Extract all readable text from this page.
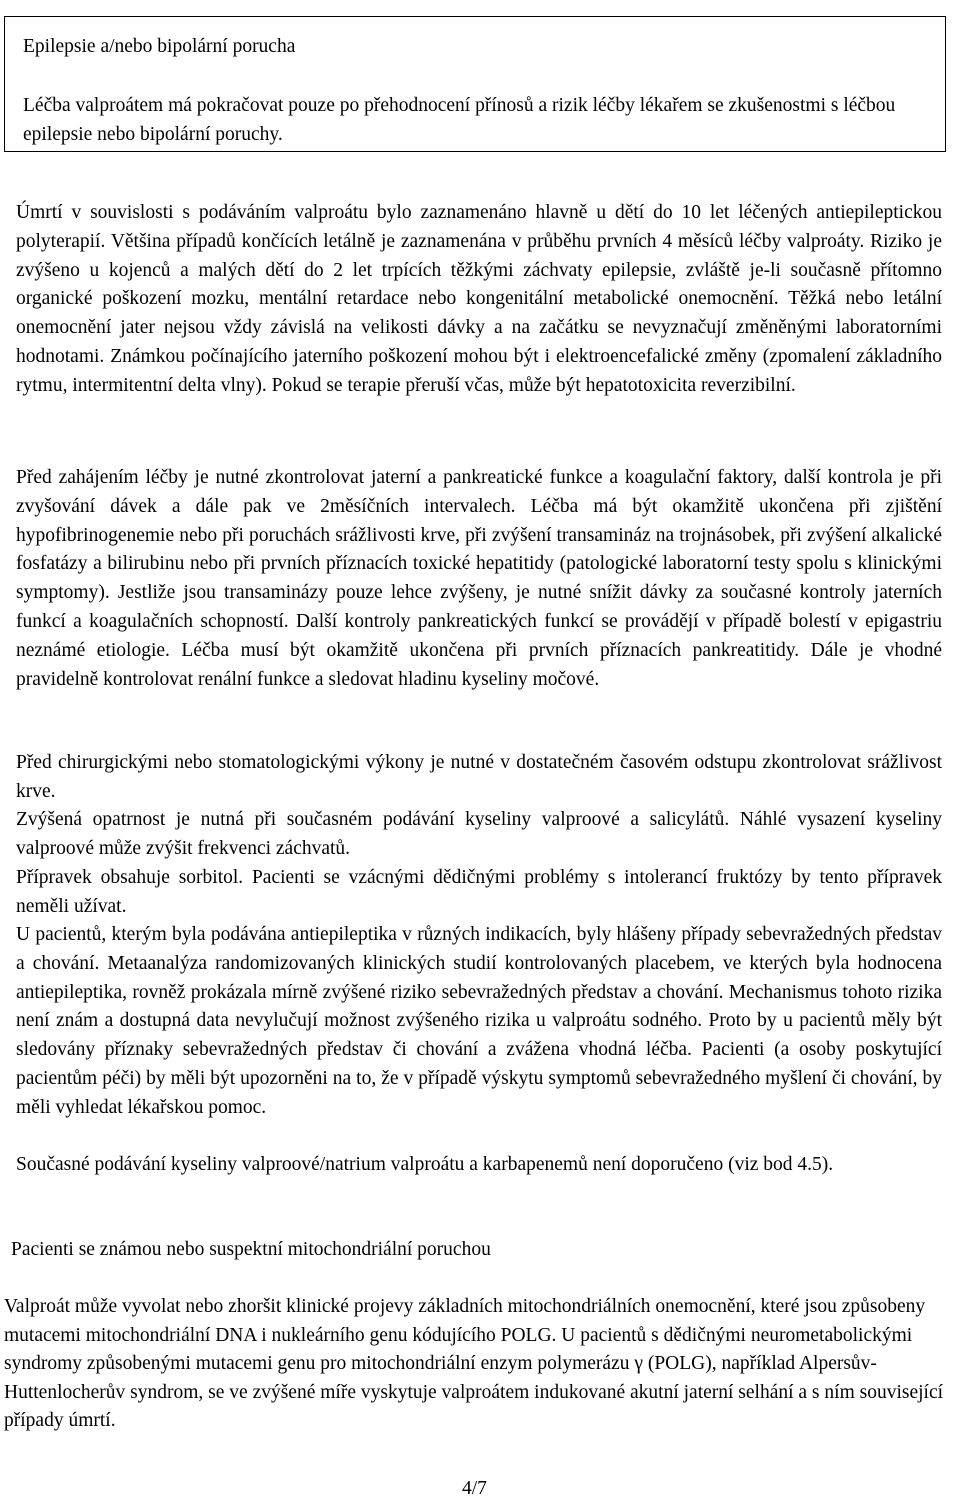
Epilepsie a/nebo bipolární porucha
Léčba valproátem má pokračovat pouze po přehodnocení přínosů a rizik léčby lékařem se zkušenostmi s léčbou epilepsie nebo bipolární poruchy.
Úmrtí v souvislosti s podáváním valproátu bylo zaznamenáno hlavně u dětí do 10 let léčených antiepileptickou polyterapií. Většina případů končících letálně je zaznamenána v průběhu prvních 4 měsíců léčby valproáty. Riziko je zvýšeno u kojenců a malých dětí do 2 let trpících těžkými záchvaty epilepsie, zvláště je-li současně přítomno organické poškození mozku, mentální retardace nebo kongenitální metabolické onemocnění. Těžká nebo letální onemocnění jater nejsou vždy závislá na velikosti dávky a na začátku se nevyznačují změněnými laboratorními hodnotami. Známkou počínajícího jaterního poškození mohou být i elektroencefalické změny (zpomalení základního rytmu, intermitentní delta vlny). Pokud se terapie přeruší včas, může být hepatotoxicita reverzibilní.
Před zahájením léčby je nutné zkontrolovat jaterní a pankreatické funkce a koagulační faktory, další kontrola je při zvyšování dávek a dále pak ve 2měsíčních intervalech. Léčba má být okamžitě ukončena při zjištění hypofibrinogenemie nebo při poruchách srážlivosti krve, při zvýšení transamináz na trojnásobek, při zvýšení alkalické fosfatázy a bilirubinu nebo při prvních příznacích toxické hepatitidy (patologické laboratorní testy spolu s klinickými symptomy). Jestliže jsou transaminázy pouze lehce zvýšeny, je nutné snížit dávky za současné kontroly jaterních funkcí a koagulačních schopností. Další kontroly pankreatických funkcí se provádějí v případě bolestí v epigastriu neznámé etiologie. Léčba musí být okamžitě ukončena při prvních příznacích pankreatitidy. Dále je vhodné pravidelně kontrolovat renální funkce a sledovat hladinu kyseliny močové.
Před chirurgickými nebo stomatologickými výkony je nutné v dostatečném časovém odstupu zkontrolovat srážlivost krve.
Zvýšená opatrnost je nutná při současném podávání kyseliny valproové a salicylátů. Náhlé vysazení kyseliny valproové může zvýšit frekvenci záchvatů.
Přípravek obsahuje sorbitol. Pacienti se vzácnými dědičnými problémy s intolerancí fruktózy by tento přípravek neměli užívat.
U pacientů, kterým byla podávána antiepileptika v různých indikacích, byly hlášeny případy sebevražedných představ a chování. Metaanalýza randomizovaných klinických studií kontrolovaných placebem, ve kterých byla hodnocena antiepileptika, rovněž prokázala mírně zvýšené riziko sebevražedných představ a chování. Mechanismus tohoto rizika není znám a dostupná data nevylučují možnost zvýšeného rizika u valproátu sodného. Proto by u pacientů měly být sledovány příznaky sebevražedných představ či chování a zvážena vhodná léčba. Pacienti (a osoby poskytující pacientům péči) by měli být upozorněni na to, že v případě výskytu symptomů sebevražedného myšlení či chování, by měli vyhledat lékařskou pomoc.
Současné podávání kyseliny valproové/natrium valproátu a karbapenemů není doporučeno (viz bod 4.5).
Pacienti se známou nebo suspektní mitochondriální poruchou
Valproát může vyvolat nebo zhoršit klinické projevy základních mitochondriálních onemocnění, které jsou způsobeny mutacemi mitochondriální DNA i nukleárního genu kódujícího POLG. U pacientů s dědičnými neurometabolickými syndromy způsobenými mutacemi genu pro mitochondriální enzym polymerázu γ (POLG), například Alpersův-Huttenlocherův syndrom, se ve zvýšené míře vyskytuje valproátem indukované akutní jaterní selhání a s ním související případy úmrtí.
4/7
